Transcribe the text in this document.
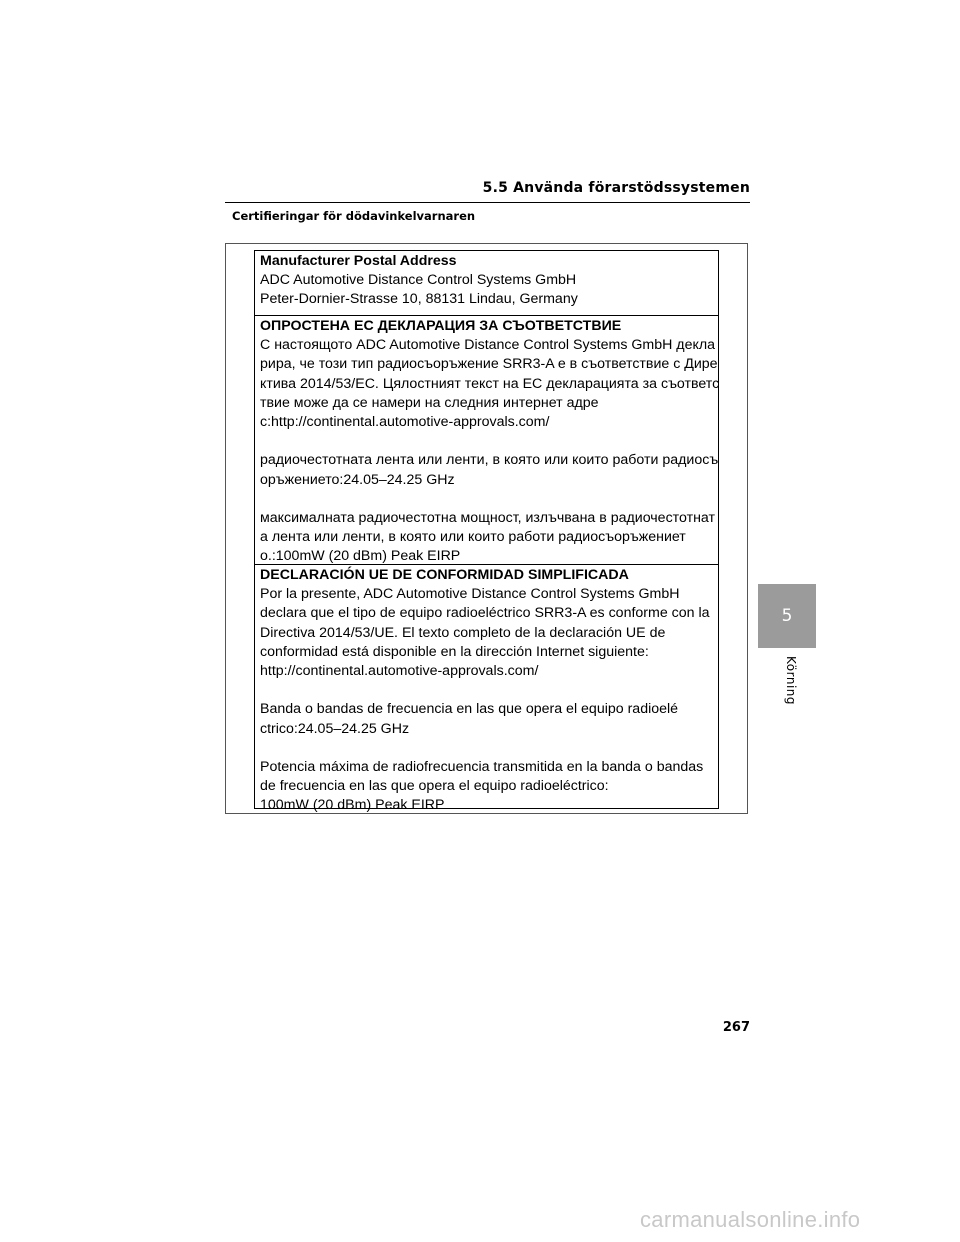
5.5 Använda förarstödssystemen
Certifieringar för dödavinkelvarnaren

Manufacturer Postal Address
ADC Automotive Distance Control Systems GmbH
Peter-Dornier-Strasse 10, 88131 Lindau, Germany

ОПРОСТЕНА ЕС ДЕКЛАРАЦИЯ ЗА СЪОТВЕТСТВИЕ
С настоящото ADC Automotive Distance Control Systems GmbH декла
рира, че този тип радиосъоръжение SRR3-A е в съответствие с Дире
ктива 2014/53/ЕС. Цялостният текст на ЕС декларацията за съответс
твие може да се намери на следния интернет адре
с:http://continental.automotive-approvals.com/
радиочестотната лента или ленти, в която или които работи радиосъ
оръжението:24.05–24.25 GHz
максималната радиочестотна мощност, излъчвана в радиочестотнат
а лента или ленти, в която или които работи радиосъоръжениет
о.:100mW (20 dBm) Peak EIRP

DECLARACIÓN UE DE CONFORMIDAD SIMPLIFICADA
Por la presente, ADC Automotive Distance Control Systems GmbH
declara que el tipo de equipo radioeléctrico SRR3-A es conforme con la
Directiva 2014/53/UE. El texto completo de la declaración UE de
conformidad está disponible en la dirección Internet siguiente:
http://continental.automotive-approvals.com/
Banda o bandas de frecuencia en las que opera el equipo radioelé
ctrico:24.05–24.25 GHz
Potencia máxima de radiofrecuencia transmitida en la banda o bandas
de frecuencia en las que opera el equipo radioeléctrico:
100mW (20 dBm) Peak EIRP

5
Körning
267
carmanualsonline.info
